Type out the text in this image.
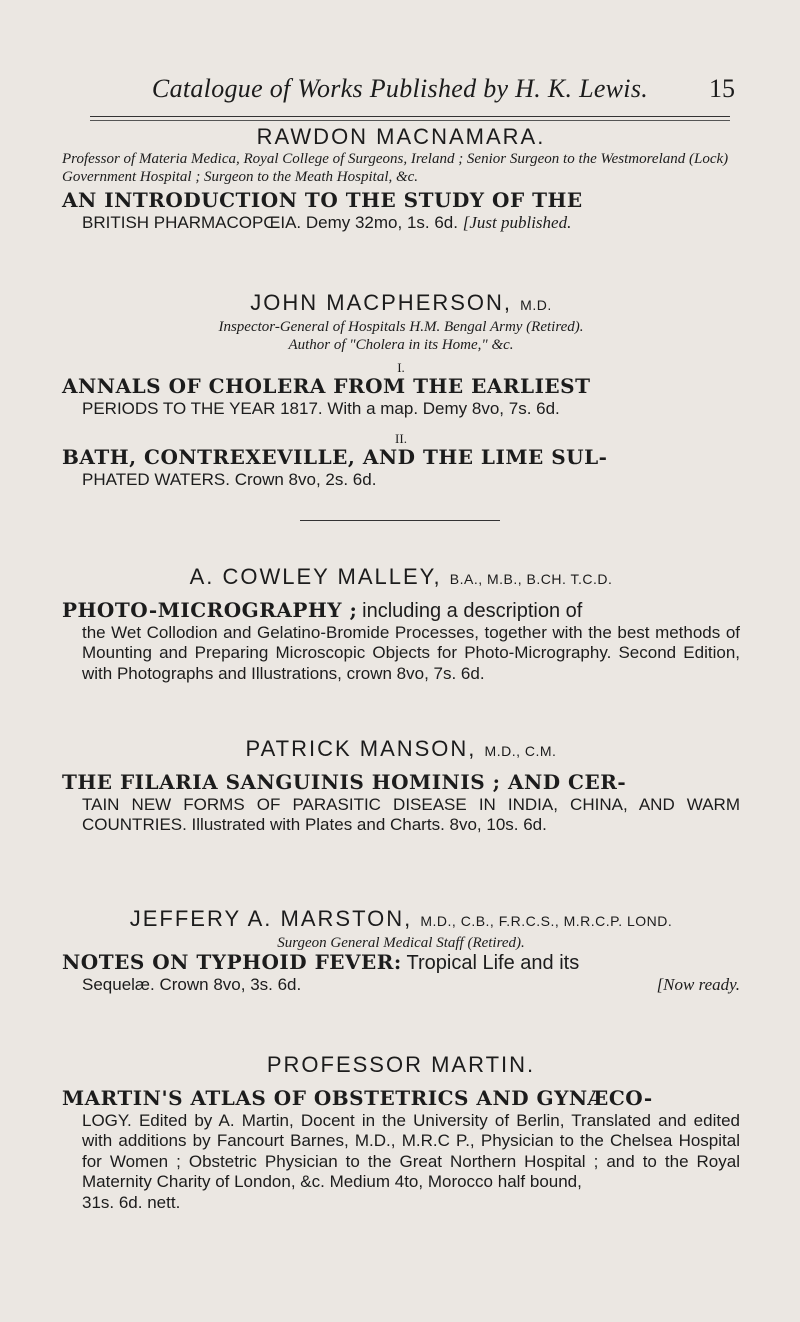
Catalogue of Works Published by H. K. Lewis.	15
RAWDON MACNAMARA.
Professor of Materia Medica, Royal College of Surgeons, Ireland ; Senior Surgeon to the Westmoreland (Lock) Government Hospital ; Surgeon to the Meath Hospital, &c.
AN INTRODUCTION TO THE STUDY OF THE
BRITISH PHARMACOPŒIA. Demy 32mo, 1s. 6d. [Just published.
JOHN MACPHERSON, M.D.
Inspector-General of Hospitals H.M. Bengal Army (Retired).
Author of "Cholera in its Home," &c.
I.
ANNALS OF CHOLERA FROM THE EARLIEST
PERIODS TO THE YEAR 1817. With a map. Demy 8vo, 7s. 6d.
II.
BATH, CONTREXEVILLE, AND THE LIME SUL-
PHATED WATERS. Crown 8vo, 2s. 6d.
A. COWLEY MALLEY, B.A., M.B., B.CH. T.C.D.
PHOTO-MICROGRAPHY ; including a description of
the Wet Collodion and Gelatino-Bromide Processes, together with the best methods of Mounting and Preparing Microscopic Objects for Photo-Micrography. Second Edition, with Photographs and Illustrations, crown 8vo, 7s. 6d.
PATRICK MANSON, M.D., C.M.
THE FILARIA SANGUINIS HOMINIS ; AND CER-
TAIN NEW FORMS OF PARASITIC DISEASE IN INDIA, CHINA, AND WARM COUNTRIES. Illustrated with Plates and Charts. 8vo, 10s. 6d.
JEFFERY A. MARSTON, M.D., C.B., F.R.C.S., M.R.C.P. LOND.
Surgeon General Medical Staff (Retired).
NOTES ON TYPHOID FEVER: Tropical Life and its
Sequelæ. Crown 8vo, 3s. 6d.	[Now ready.
PROFESSOR MARTIN.
MARTIN'S ATLAS OF OBSTETRICS AND GYNÆCO-
LOGY. Edited by A. Martin, Docent in the University of Berlin, Translated and edited with additions by Fancourt Barnes, M.D., M.R.C P., Physician to the Chelsea Hospital for Women ; Obstetric Physician to the Great Northern Hospital ; and to the Royal Maternity Charity of London, &c. Medium 4to, Morocco half bound,
31s. 6d. nett.
